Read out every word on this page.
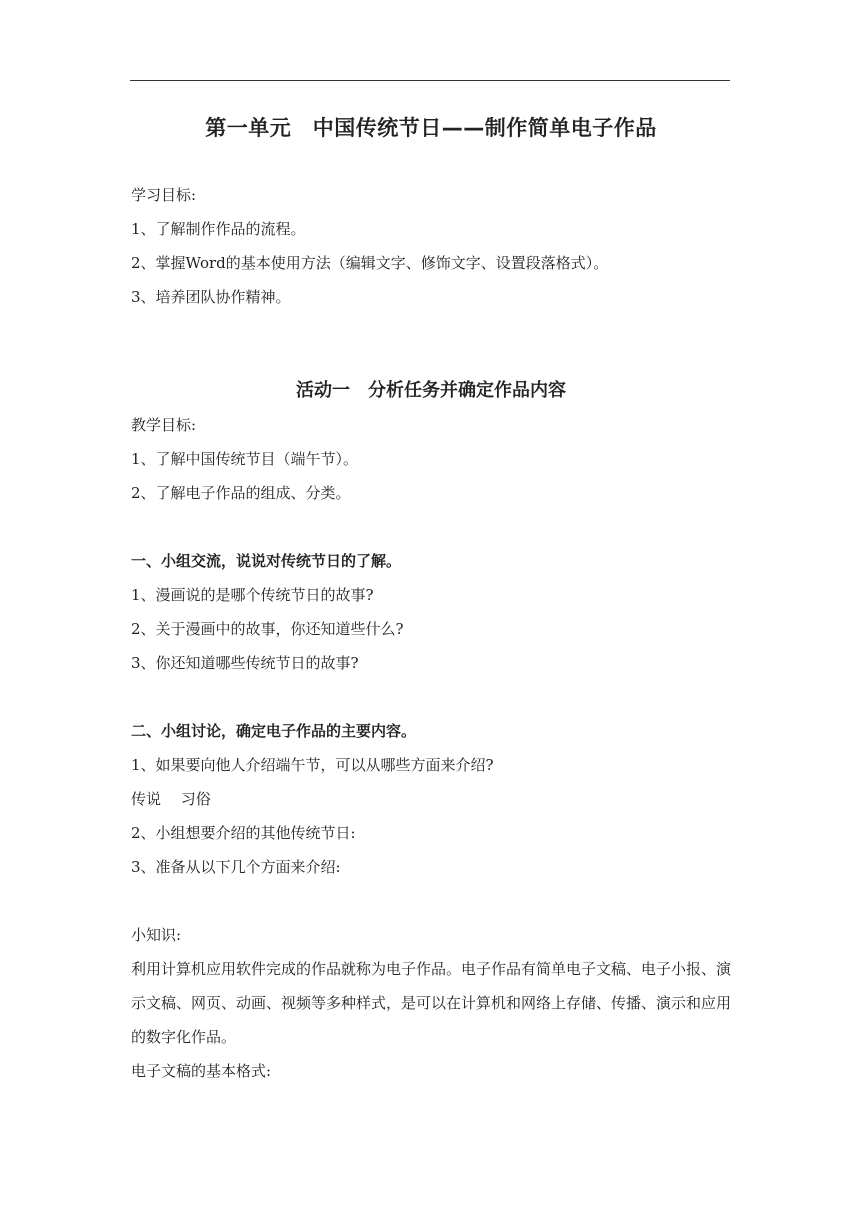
第一单元　中国传统节日——制作简单电子作品

学习目标:

1、了解制作作品的流程。

2、掌握Word的基本使用方法（编辑文字、修饰文字、设置段落格式）。

3、培养团队协作精神。

活动一　分析任务并确定作品内容

教学目标:

1、了解中国传统节目（端午节）。

2、了解电子作品的组成、分类。

一、小组交流，说说对传统节日的了解。

1、漫画说的是哪个传统节日的故事?

2、关于漫画中的故事，你还知道些什么?

3、你还知道哪些传统节日的故事?

二、小组讨论，确定电子作品的主要内容。

1、如果要向他人介绍端午节，可以从哪些方面来介绍?

传说　 习俗

2、小组想要介绍的其他传统节日:

3、准备从以下几个方面来介绍:

小知识:

利用计算机应用软件完成的作品就称为电子作品。电子作品有简单电子文稿、电子小报、演示文稿、网页、动画、视频等多种样式，是可以在计算机和网络上存储、传播、演示和应用的数字化作品。

电子文稿的基本格式:
